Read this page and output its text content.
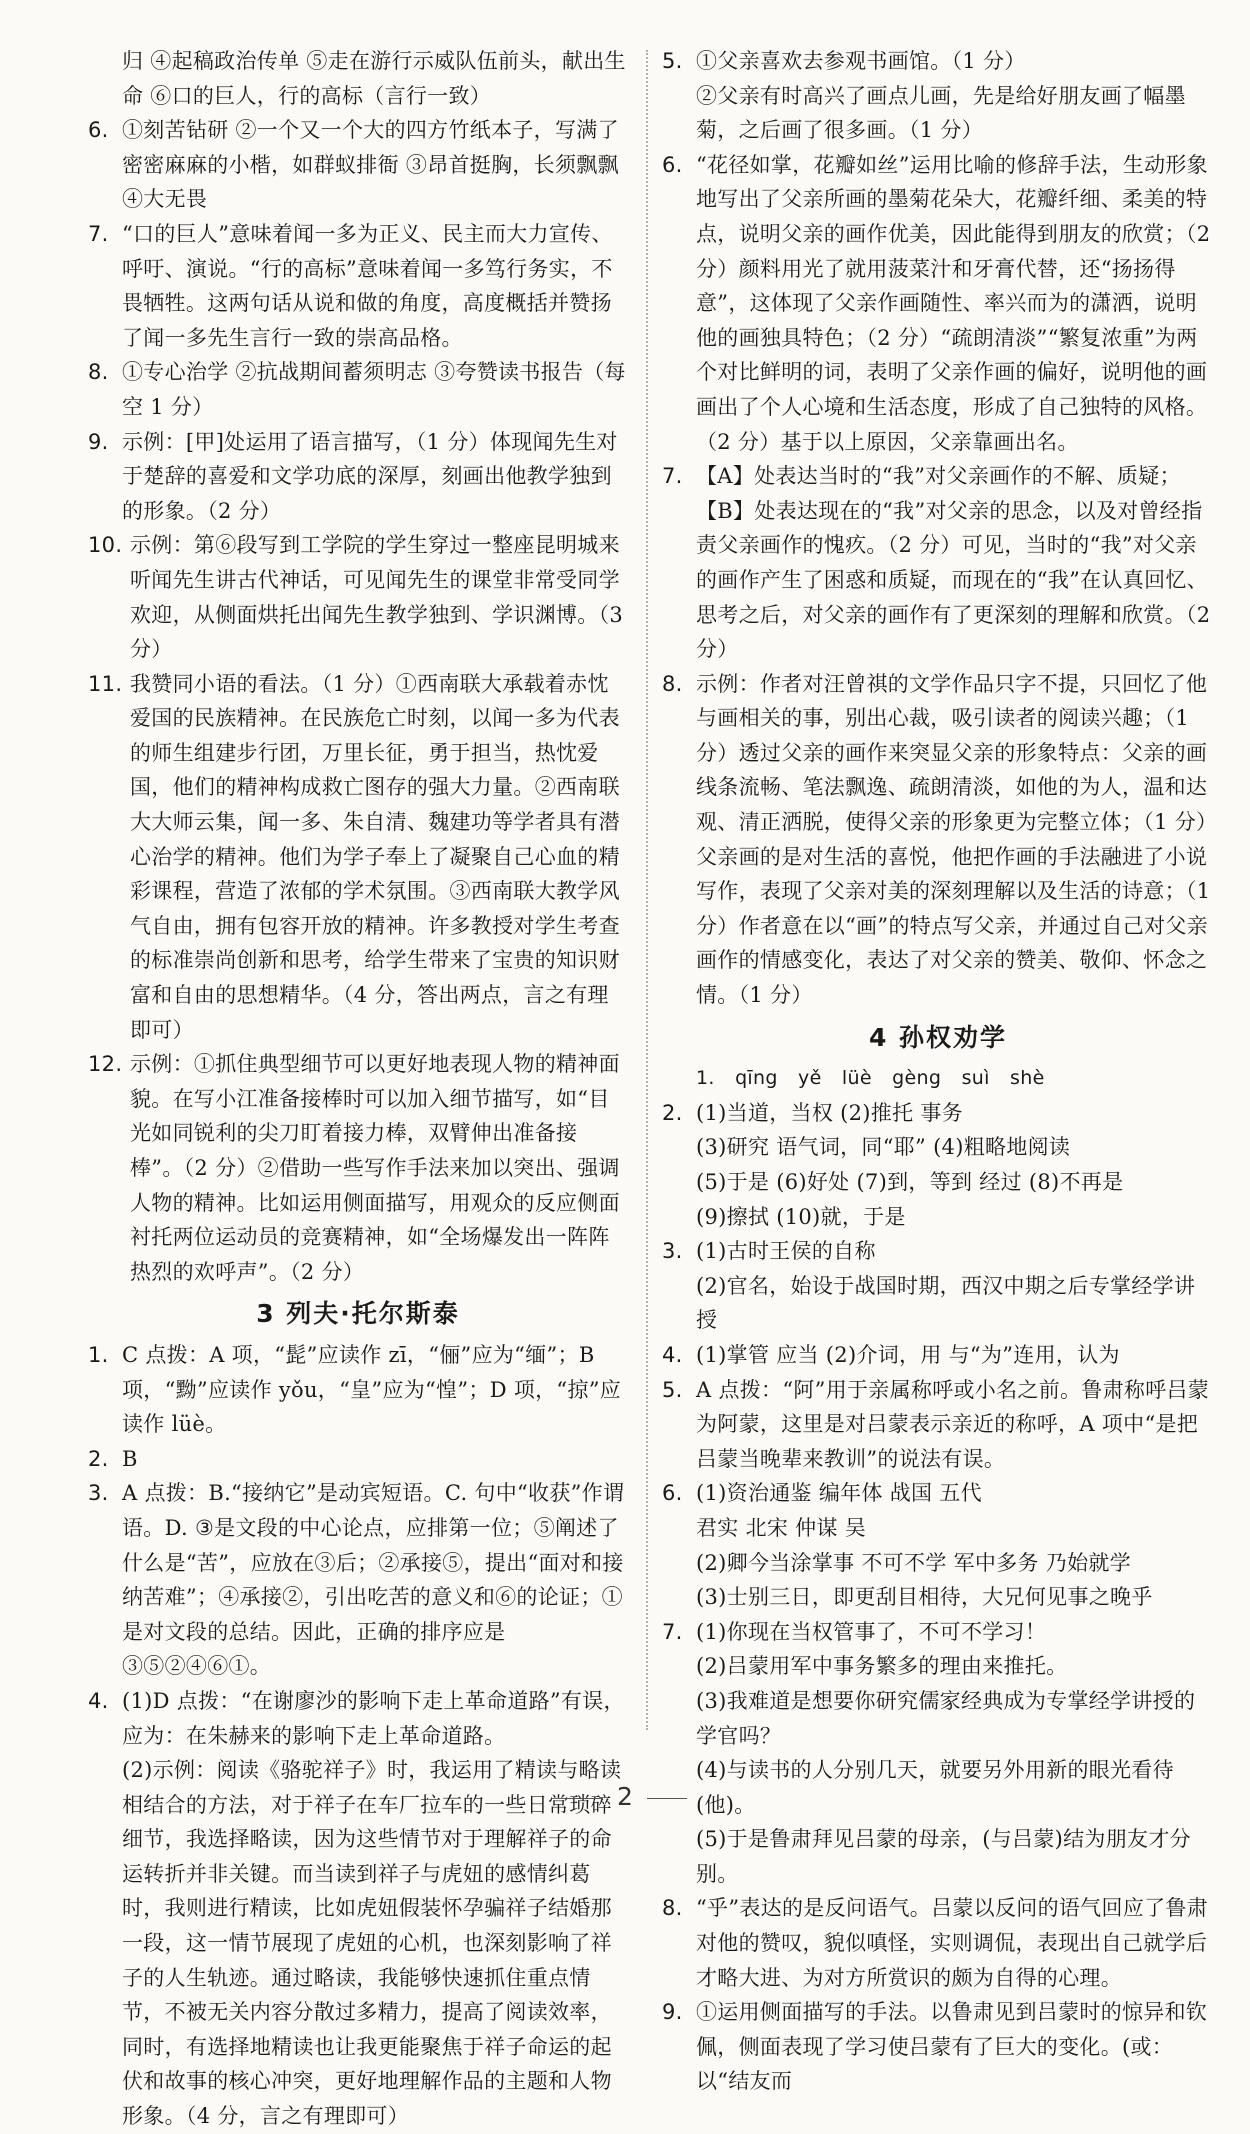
归 ④起稿政治传单 ⑤走在游行示威队伍前头，献出生命 ⑥口的巨人，行的高标（言行一致）

6. ①刻苦钻研 ②一个又一个大的四方竹纸本子，写满了密密麻麻的小楷，如群蚁排衙 ③昂首挺胸，长须飘飘 ④大无畏

7. “口的巨人”意味着闻一多为正义、民主而大力宣传、呼吁、演说。“行的高标”意味着闻一多笃行务实，不畏牺牲。这两句话从说和做的角度，高度概括并赞扬了闻一多先生言行一致的崇高品格。

8. ①专心治学 ②抗战期间蓄须明志 ③夸赞读书报告（每空 1 分）

9. 示例：[甲]处运用了语言描写，（1 分）体现闻先生对于楚辞的喜爱和文学功底的深厚，刻画出他教学独到的形象。（2 分）

10. 示例：第⑥段写到工学院的学生穿过一整座昆明城来听闻先生讲古代神话，可见闻先生的课堂非常受同学欢迎，从侧面烘托出闻先生教学独到、学识渊博。（3 分）

11. 我赞同小语的看法。（1 分）①西南联大承载着赤忱爱国的民族精神。在民族危亡时刻，以闻一多为代表的师生组建步行团，万里长征，勇于担当，热忱爱国，他们的精神构成救亡图存的强大力量。②西南联大大师云集，闻一多、朱自清、魏建功等学者具有潜心治学的精神。他们为学子奉上了凝聚自己心血的精彩课程，营造了浓郁的学术氛围。③西南联大教学风气自由，拥有包容开放的精神。许多教授对学生考查的标准崇尚创新和思考，给学生带来了宝贵的知识财富和自由的思想精华。（4 分，答出两点，言之有理即可）

12. 示例：①抓住典型细节可以更好地表现人物的精神面貌。在写小江准备接棒时可以加入细节描写，如“目光如同锐利的尖刀盯着接力棒，双臂伸出准备接棒”。（2 分）②借助一些写作手法来加以突出、强调人物的精神。比如运用侧面描写，用观众的反应侧面衬托两位运动员的竞赛精神，如“全场爆发出一阵阵热烈的欢呼声”。（2 分）

3 列夫·托尔斯泰

1. C 点拨：A 项，“髭”应读作 zī，“俪”应为“缅”；B 项，“黝”应读作 yǒu，“皇”应为“惶”；D 项，“掠”应读作 lüè。

2. B

3. A 点拨：B.“接纳它”是动宾短语。C. 句中“收获”作谓语。D. ③是文段的中心论点，应排第一位；⑤阐述了什么是“苦”，应放在③后；②承接⑤，提出“面对和接纳苦难”；④承接②，引出吃苦的意义和⑥的论证；①是对文段的总结。因此，正确的排序应是③⑤②④⑥①。

4. (1)D 点拨：“在谢廖沙的影响下走上革命道路”有误，应为：在朱赫来的影响下走上革命道路。

(2)示例：阅读《骆驼祥子》时，我运用了精读与略读相结合的方法，对于祥子在车厂拉车的一些日常琐碎细节，我选择略读，因为这些情节对于理解祥子的命运转折并非关键。而当读到祥子与虎妞的感情纠葛时，我则进行精读，比如虎妞假装怀孕骗祥子结婚那一段，这一情节展现了虎妞的心机，也深刻影响了祥子的人生轨迹。通过略读，我能够快速抓住重点情节，不被无关内容分散过多精力，提高了阅读效率，同时，有选择地精读也让我更能聚焦于祥子命运的起伏和故事的核心冲突，更好地理解作品的主题和人物形象。（4 分，言之有理即可）

5. ①父亲喜欢去参观书画馆。（1 分）

②父亲有时高兴了画点儿画，先是给好朋友画了幅墨菊，之后画了很多画。（1 分）

6. “花径如掌，花瓣如丝”运用比喻的修辞手法，生动形象地写出了父亲所画的墨菊花朵大，花瓣纤细、柔美的特点，说明父亲的画作优美，因此能得到朋友的欣赏；（2 分）颜料用光了就用菠菜汁和牙膏代替，还“扬扬得意”，这体现了父亲作画随性、率兴而为的潇洒，说明他的画独具特色；（2 分）“疏朗清淡”“繁复浓重”为两个对比鲜明的词，表明了父亲作画的偏好，说明他的画画出了个人心境和生活态度，形成了自己独特的风格。（2 分）基于以上原因，父亲靠画出名。

7. 【A】处表达当时的“我”对父亲画作的不解、质疑；【B】处表达现在的“我”对父亲的思念，以及对曾经指责父亲画作的愧疚。（2 分）可见，当时的“我”对父亲的画作产生了困惑和质疑，而现在的“我”在认真回忆、思考之后，对父亲的画作有了更深刻的理解和欣赏。（2 分）

8. 示例：作者对汪曾祺的文学作品只字不提，只回忆了他与画相关的事，别出心裁，吸引读者的阅读兴趣；（1 分）透过父亲的画作来突显父亲的形象特点：父亲的画线条流畅、笔法飘逸、疏朗清淡，如他的为人，温和达观、清正洒脱，使得父亲的形象更为完整立体；（1 分）父亲画的是对生活的喜悦，他把作画的手法融进了小说写作，表现了父亲对美的深刻理解以及生活的诗意；（1 分）作者意在以“画”的特点写父亲，并通过自己对父亲画作的情感变化，表达了对父亲的赞美、敬仰、怀念之情。（1 分）

4 孙权劝学

1. qīng yě lüè gèng suì shè

2. (1)当道，当权 (2)推托 事务

(3)研究 语气词，同“耶” (4)粗略地阅读

(5)于是 (6)好处 (7)到，等到 经过 (8)不再是

(9)擦拭 (10)就，于是

3. (1)古时王侯的自称

(2)官名，始设于战国时期，西汉中期之后专掌经学讲授

4. (1)掌管 应当 (2)介词，用 与“为”连用，认为

5. A 点拨：“阿”用于亲属称呼或小名之前。鲁肃称呼吕蒙为阿蒙，这里是对吕蒙表示亲近的称呼，A 项中“是把吕蒙当晚辈来教训”的说法有误。

6. (1)资治通鉴 编年体 战国 五代

君实 北宋 仲谋 吴

(2)卿今当涂掌事 不可不学 军中多务 乃始就学

(3)士别三日，即更刮目相待，大兄何见事之晚乎

7. (1)你现在当权管事了，不可不学习！

(2)吕蒙用军中事务繁多的理由来推托。

(3)我难道是想要你研究儒家经典成为专掌经学讲授的学官吗？

(4)与读书的人分别几天，就要另外用新的眼光看待(他)。

(5)于是鲁肃拜见吕蒙的母亲，(与吕蒙)结为朋友才分别。

8. “乎”表达的是反问语气。吕蒙以反问的语气回应了鲁肃对他的赞叹，貌似嗔怪，实则调侃，表现出自己就学后才略大进、为对方所赏识的颇为自得的心理。

9. ①运用侧面描写的手法。以鲁肃见到吕蒙时的惊异和钦佩，侧面表现了学习使吕蒙有了巨大的变化。(或：以“结友而

2
